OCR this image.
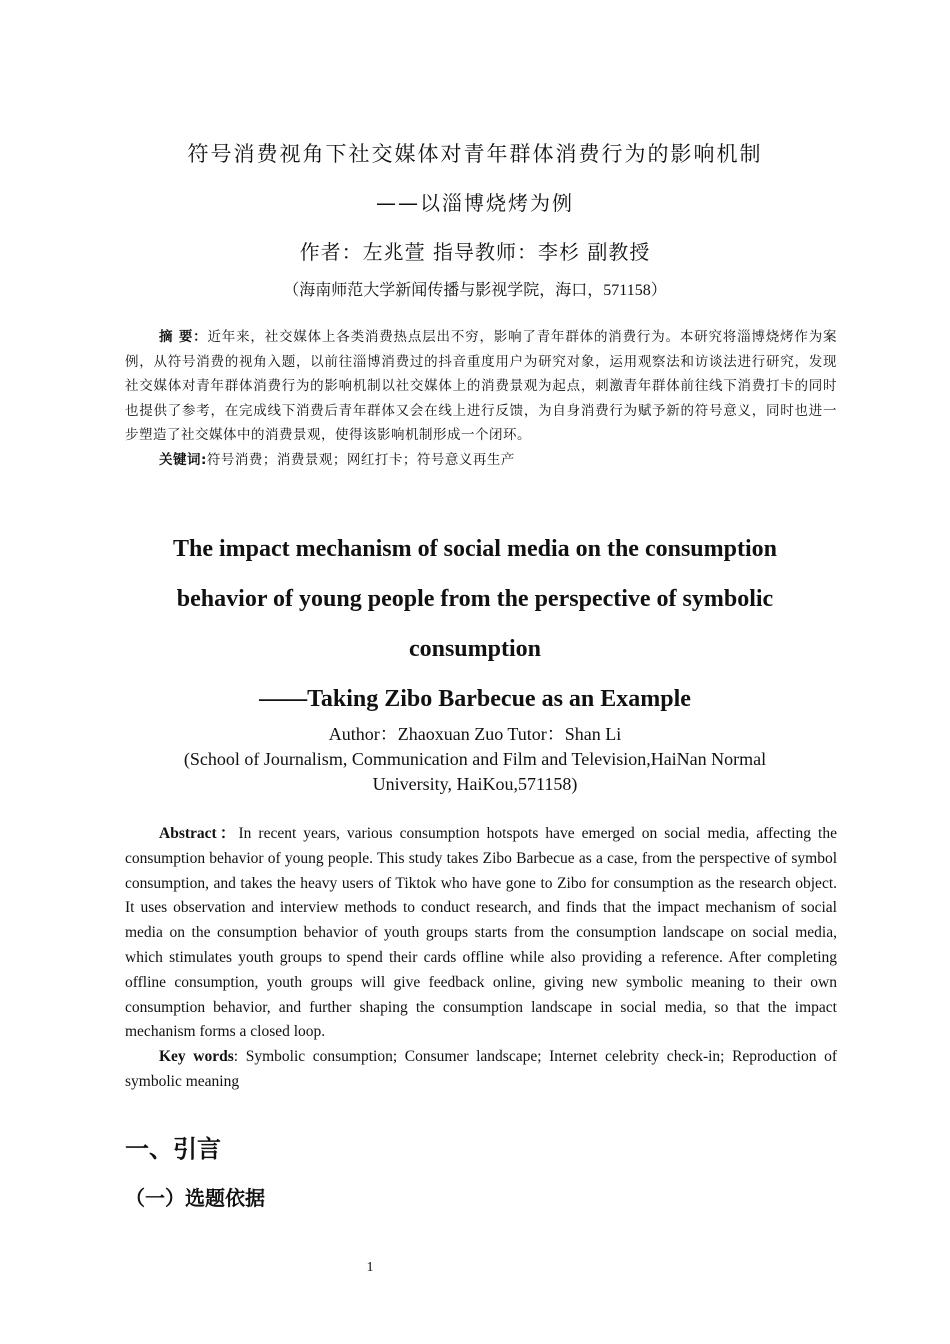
符号消费视角下社交媒体对青年群体消费行为的影响机制
——以淄博烧烤为例
作者：左兆萱 指导教师：李杉 副教授
（海南师范大学新闻传播与影视学院，海口，571158）
摘 要：近年来，社交媒体上各类消费热点层出不穷，影响了青年群体的消费行为。本研究将淄博烧烤作为案例，从符号消费的视角入题，以前往淄博消费过的抖音重度用户为研究对象，运用观察法和访谈法进行研究，发现社交媒体对青年群体消费行为的影响机制以社交媒体上的消费景观为起点，刺激青年群体前往线下消费打卡的同时也提供了参考，在完成线下消费后青年群体又会在线上进行反馈，为自身消费行为赋予新的符号意义，同时也进一步塑造了社交媒体中的消费景观，使得该影响机制形成一个闭环。
关键词:符号消费；消费景观；网红打卡；符号意义再生产
The impact mechanism of social media on the consumption
behavior of young people from the perspective of symbolic
consumption
——Taking Zibo Barbecue as an Example
Author：Zhaoxuan Zuo Tutor：Shan Li
(School of Journalism, Communication and Film and Television,HaiNan Normal
University, HaiKou,571158)
Abstract：In recent years, various consumption hotspots have emerged on social media, affecting the consumption behavior of young people. This study takes Zibo Barbecue as a case, from the perspective of symbol consumption, and takes the heavy users of Tiktok who have gone to Zibo for consumption as the research object. It uses observation and interview methods to conduct research, and finds that the impact mechanism of social media on the consumption behavior of youth groups starts from the consumption landscape on social media, which stimulates youth groups to spend their cards offline while also providing a reference. After completing offline consumption, youth groups will give feedback online, giving new symbolic meaning to their own consumption behavior, and further shaping the consumption landscape in social media, so that the impact mechanism forms a closed loop.
Key words: Symbolic consumption; Consumer landscape; Internet celebrity check-in; Reproduction of symbolic meaning
一、引言
（一）选题依据
1
